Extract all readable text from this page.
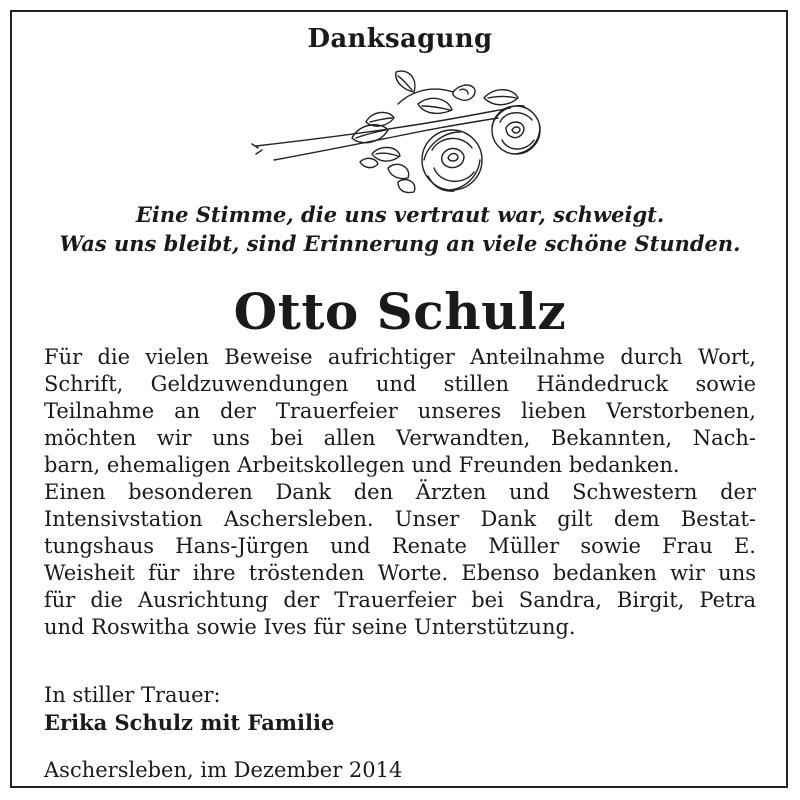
Danksagung

Eine Stimme, die uns vertraut war, schweigt.
Was uns bleibt, sind Erinnerung an viele schöne Stunden.

Otto Schulz
Für die vielen Beweise aufrichtiger Anteilnahme durch Wort,
Schrift, Geldzuwendungen und stillen Händedruck sowie
Teilnahme an der Trauerfeier unseres lieben Verstorbenen,
möchten wir uns bei allen Verwandten, Bekannten, Nach-
barn, ehemaligen Arbeitskollegen und Freunden bedanken.
Einen besonderen Dank den Ärzten und Schwestern der
Intensivstation Aschersleben. Unser Dank gilt dem Bestat-
tungshaus Hans-Jürgen und Renate Müller sowie Frau E.
Weisheit für ihre tröstenden Worte. Ebenso bedanken wir uns
für die Ausrichtung der Trauerfeier bei Sandra, Birgit, Petra
und Roswitha sowie Ives für seine Unterstützung.
In stiller Trauer:
Erika Schulz mit Familie
Aschersleben, im Dezember 2014
